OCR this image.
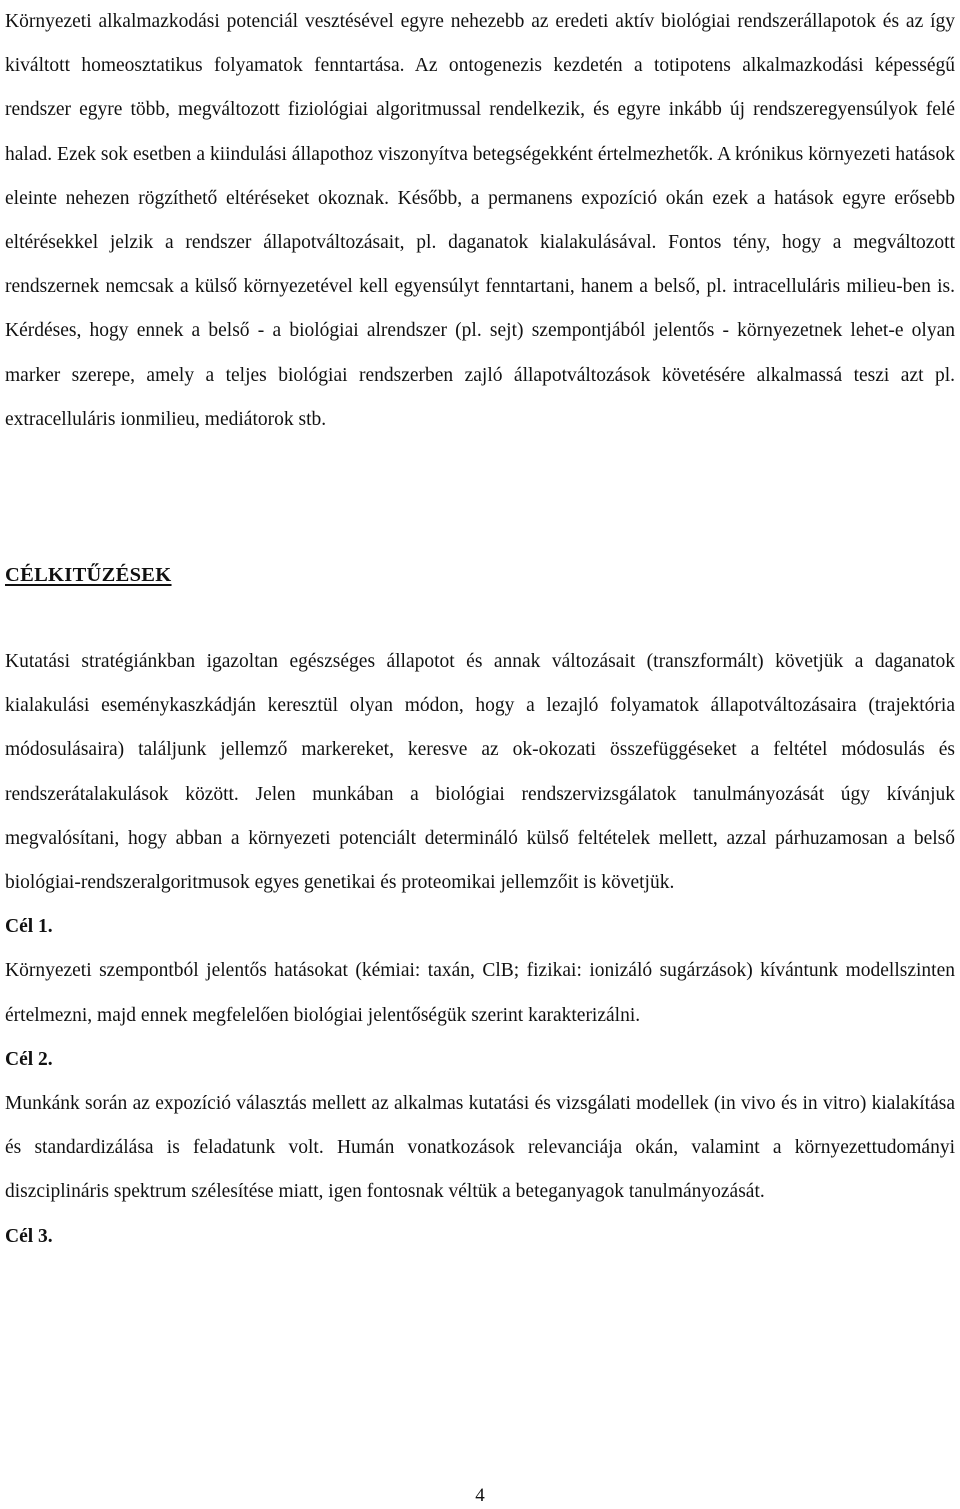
Környezeti alkalmazkodási potenciál vesztésével egyre nehezebb az eredeti aktív biológiai rendszerállapotok és az így kiváltott homeosztatikus folyamatok fenntartása. Az ontogenezis kezdetén a totipotens alkalmazkodási képességű rendszer egyre több, megváltozott fiziológiai algoritmussal rendelkezik, és egyre inkább új rendszeregyensúlyok felé halad. Ezek sok esetben a kiindulási állapothoz viszonyítva betegségekként értelmezhetők. A krónikus környezeti hatások eleinte nehezen rögzíthető eltéréseket okoznak. Később, a permanens expozíció okán ezek a hatások egyre erősebb eltérésekkel jelzik a rendszer állapotváltozásait, pl. daganatok kialakulásával. Fontos tény, hogy a megváltozott rendszernek nemcsak a külső környezetével kell egyensúlyt fenntartani, hanem a belső, pl. intracelluláris milieu-ben is. Kérdéses, hogy ennek a belső - a biológiai alrendszer (pl. sejt) szempontjából jelentős - környezetnek lehet-e olyan marker szerepe, amely a teljes biológiai rendszerben zajló állapotváltozások követésére alkalmassá teszi azt pl. extracelluláris ionmilieu, mediátorok stb.

CÉLKITŰZÉSEK

Kutatási stratégiánkban igazoltan egészséges állapotot és annak változásait (transzformált) követjük a daganatok kialakulási eseménykaszkádján keresztül olyan módon, hogy a lezajló folyamatok állapotváltozásaira (trajektória módosulásaira) találjunk jellemző markereket, keresve az ok-okozati összefüggéseket a feltétel módosulás és rendszerátalakulások között. Jelen munkában a biológiai rendszervizsgálatok tanulmányozását úgy kívánjuk megvalósítani, hogy abban a környezeti potenciált determináló külső feltételek mellett, azzal párhuzamosan a belső biológiai-rendszeralgoritmusok egyes genetikai és proteomikai jellemzőit is követjük.

Cél 1.

Környezeti szempontból jelentős hatásokat (kémiai: taxán, ClB; fizikai: ionizáló sugárzások) kívántunk modellszinten értelmezni, majd ennek megfelelően biológiai jelentőségük szerint karakterizálni.

Cél 2.

Munkánk során az expozíció választás mellett az alkalmas kutatási és vizsgálati modellek (in vivo és in vitro) kialakítása és standardizálása is feladatunk volt. Humán vonatkozások relevanciája okán, valamint a környezettudományi diszciplináris spektrum szélesítése miatt, igen fontosnak véltük a beteganyagok tanulmányozását.

Cél 3.

4
